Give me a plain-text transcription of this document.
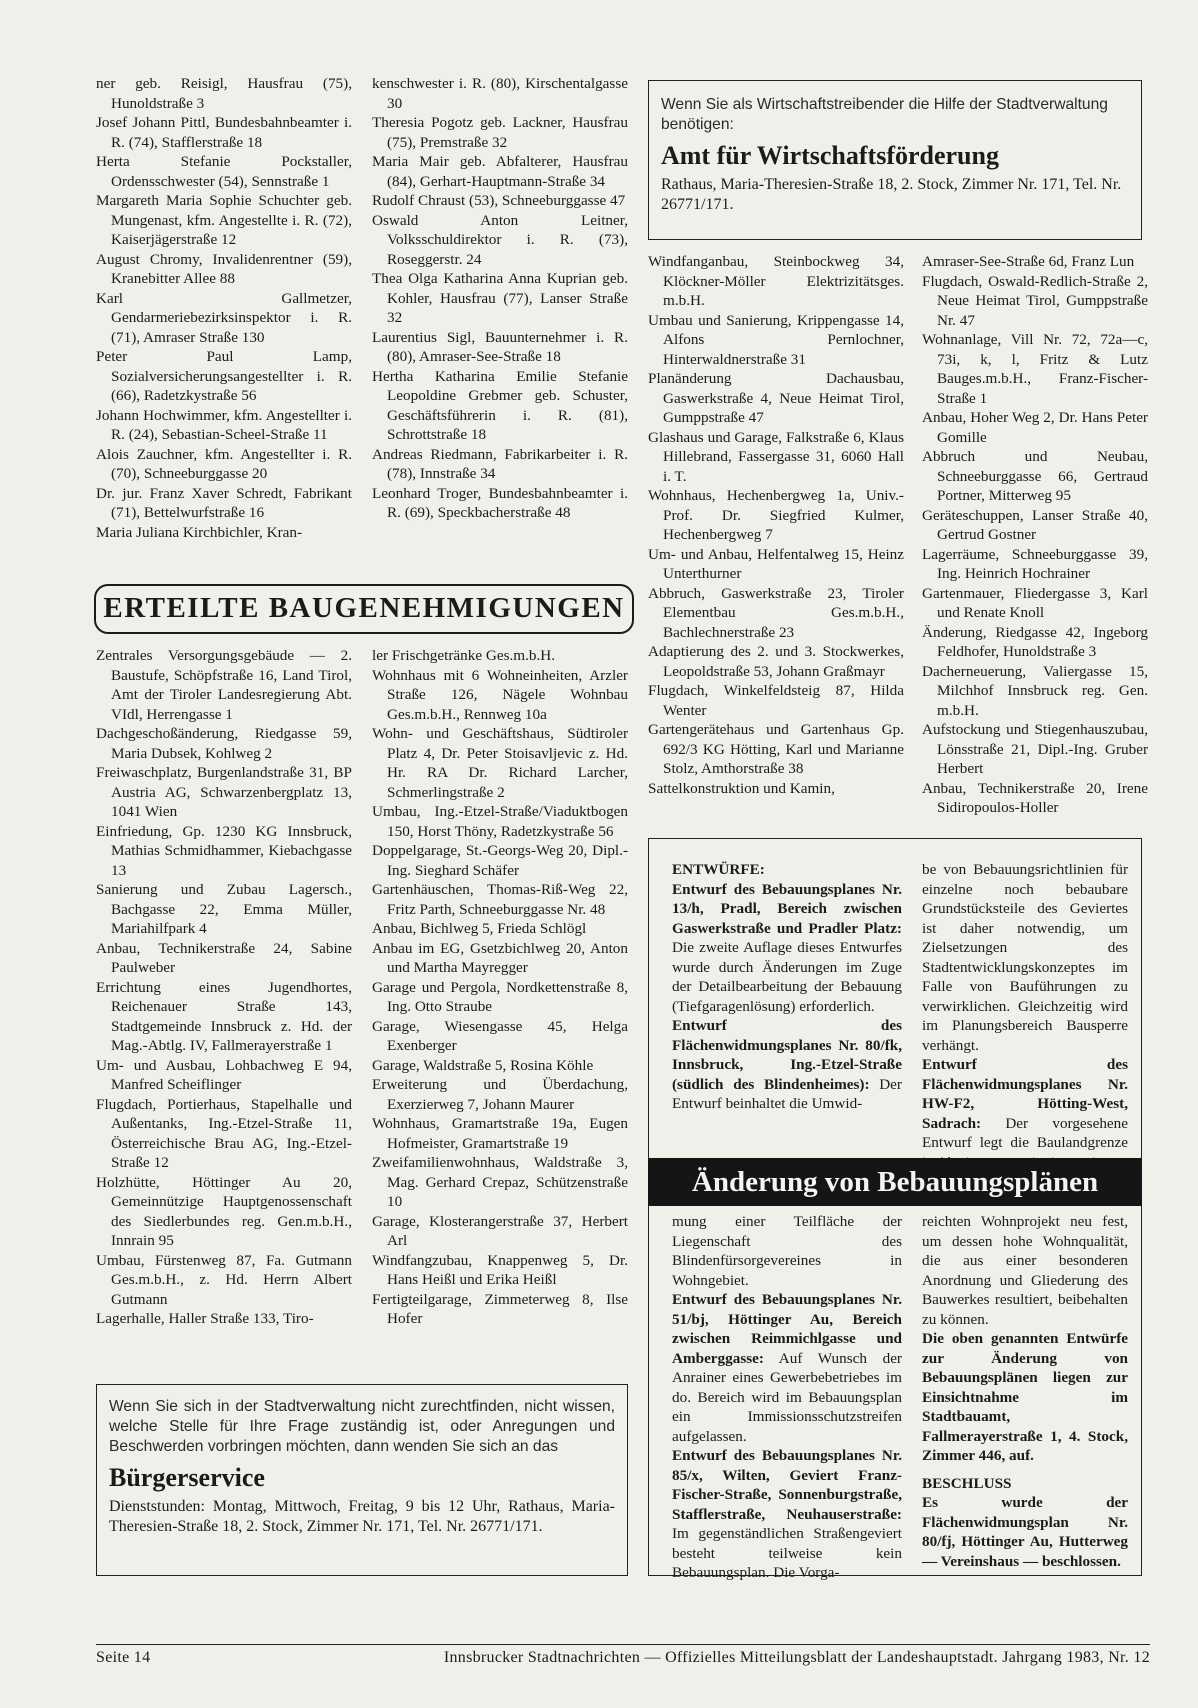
ner geb. Reisigl, Hausfrau (75), Hunoldstraße 3

Josef Johann Pittl, Bundesbahnbeamter i. R. (74), Stafflerstraße 18

Herta Stefanie Pockstaller, Ordensschwester (54), Sennstraße 1

Margareth Maria Sophie Schuchter geb. Mungenast, kfm. Angestellte i. R. (72), Kaiserjägerstraße 12

August Chromy, Invalidenrentner (59), Kranebitter Allee 88

Karl Gallmetzer, Gendarmeriebezirksinspektor i. R. (71), Amraser Straße 130

Peter Paul Lamp, Sozialversicherungsangestellter i. R. (66), Radetzkystraße 56

Johann Hochwimmer, kfm. Angestellter i. R. (24), Sebastian-Scheel-Straße 11

Alois Zauchner, kfm. Angestellter i. R. (70), Schneeburggasse 20

Dr. jur. Franz Xaver Schredt, Fabrikant (71), Bettelwurfstraße 16

Maria Juliana Kirchbichler, Kran-

kenschwester i. R. (80), Kirschentalgasse 30

Theresia Pogotz geb. Lackner, Hausfrau (75), Premstraße 32

Maria Mair geb. Abfalterer, Hausfrau (84), Gerhart-Hauptmann-Straße 34

Rudolf Chraust (53), Schneeburggasse 47

Oswald Anton Leitner, Volksschuldirektor i. R. (73), Roseggerstr. 24

Thea Olga Katharina Anna Kuprian geb. Kohler, Hausfrau (77), Lanser Straße 32

Laurentius Sigl, Bauunternehmer i. R. (80), Amraser-See-Straße 18

Hertha Katharina Emilie Stefanie Leopoldine Grebmer geb. Schuster, Geschäftsführerin i. R. (81), Schrottstraße 18

Andreas Riedmann, Fabrikarbeiter i. R. (78), Innstraße 34

Leonhard Troger, Bundesbahnbeamter i. R. (69), Speckbacherstraße 48

Wenn Sie als Wirtschaftstreibender die Hilfe der Stadtverwaltung benötigen:
Amt für Wirtschaftsförderung
Rathaus, Maria-Theresien-Straße 18, 2. Stock, Zimmer Nr. 171, Tel. Nr. 26771/171.
ERTEILTE BAUGENEHMIGUNGEN

Zentrales Versorgungsgebäude — 2. Baustufe, Schöpfstraße 16, Land Tirol, Amt der Tiroler Landesregierung Abt. VIdl, Herrengasse 1

Dachgeschoßänderung, Riedgasse 59, Maria Dubsek, Kohlweg 2

Freiwaschplatz, Burgenlandstraße 31, BP Austria AG, Schwarzenbergplatz 13, 1041 Wien

Einfriedung, Gp. 1230 KG Innsbruck, Mathias Schmidhammer, Kiebachgasse 13

Sanierung und Zubau Lagersch., Bachgasse 22, Emma Müller, Mariahilfpark 4

Anbau, Technikerstraße 24, Sabine Paulweber

Errichtung eines Jugendhortes, Reichenauer Straße 143, Stadtgemeinde Innsbruck z. Hd. der Mag.-Abtlg. IV, Fallmerayerstraße 1

Um- und Ausbau, Lohbachweg E 94, Manfred Scheiflinger

Flugdach, Portierhaus, Stapelhalle und Außentanks, Ing.-Etzel-Straße 11, Österreichische Brau AG, Ing.-Etzel-Straße 12

Holzhütte, Höttinger Au 20, Gemeinnützige Hauptgenossenschaft des Siedlerbundes reg. Gen.m.b.H., Innrain 95

Umbau, Fürstenweg 87, Fa. Gutmann Ges.m.b.H., z. Hd. Herrn Albert Gutmann

Lagerhalle, Haller Straße 133, Tiro-

ler Frischgetränke Ges.m.b.H.

Wohnhaus mit 6 Wohneinheiten, Arzler Straße 126, Nägele Wohnbau Ges.m.b.H., Rennweg 10a

Wohn- und Geschäftshaus, Südtiroler Platz 4, Dr. Peter Stoisavljevic z. Hd. Hr. RA Dr. Richard Larcher, Schmerlingstraße 2

Umbau, Ing.-Etzel-Straße/Viaduktbogen 150, Horst Thöny, Radetzkystraße 56

Doppelgarage, St.-Georgs-Weg 20, Dipl.-Ing. Sieghard Schäfer

Gartenhäuschen, Thomas-Riß-Weg 22, Fritz Parth, Schneeburggasse Nr. 48

Anbau, Bichlweg 5, Frieda Schlögl

Anbau im EG, Gsetzbichlweg 20, Anton und Martha Mayregger

Garage und Pergola, Nordkettenstraße 8, Ing. Otto Straube

Garage, Wiesengasse 45, Helga Exenberger

Garage, Waldstraße 5, Rosina Köhle

Erweiterung und Überdachung, Exerzierweg 7, Johann Maurer

Wohnhaus, Gramartstraße 19a, Eugen Hofmeister, Gramartstraße 19

Zweifamilienwohnhaus, Waldstraße 3, Mag. Gerhard Crepaz, Schützenstraße 10

Garage, Klosterangerstraße 37, Herbert Arl

Windfangzubau, Knappenweg 5, Dr. Hans Heißl und Erika Heißl

Fertigteilgarage, Zimmeterweg 8, Ilse Hofer

Windfanganbau, Steinbockweg 34, Klöckner-Möller Elektrizitätsges. m.b.H.

Umbau und Sanierung, Krippengasse 14, Alfons Pernlochner, Hinterwaldnerstraße 31

Planänderung Dachausbau, Gaswerkstraße 4, Neue Heimat Tirol, Gumppstraße 47

Glashaus und Garage, Falkstraße 6, Klaus Hillebrand, Fassergasse 31, 6060 Hall i. T.

Wohnhaus, Hechenbergweg 1a, Univ.-Prof. Dr. Siegfried Kulmer, Hechenbergweg 7

Um- und Anbau, Helfentalweg 15, Heinz Unterthurner

Abbruch, Gaswerkstraße 23, Tiroler Elementbau Ges.m.b.H., Bachlechnerstraße 23

Adaptierung des 2. und 3. Stockwerkes, Leopoldstraße 53, Johann Graßmayr

Flugdach, Winkelfeldsteig 87, Hilda Wenter

Gartengerätehaus und Gartenhaus Gp. 692/3 KG Hötting, Karl und Marianne Stolz, Amthorstraße 38

Sattelkonstruktion und Kamin,

Amraser-See-Straße 6d, Franz Lun

Flugdach, Oswald-Redlich-Straße 2, Neue Heimat Tirol, Gumppstraße Nr. 47

Wohnanlage, Vill Nr. 72, 72a—c, 73i, k, l, Fritz & Lutz Bauges.m.b.H., Franz-Fischer-Straße 1

Anbau, Hoher Weg 2, Dr. Hans Peter Gomille

Abbruch und Neubau, Schneeburggasse 66, Gertraud Portner, Mitterweg 95

Geräteschuppen, Lanser Straße 40, Gertrud Gostner

Lagerräume, Schneeburggasse 39, Ing. Heinrich Hochrainer

Gartenmauer, Fliedergasse 3, Karl und Renate Knoll

Änderung, Riedgasse 42, Ingeborg Feldhofer, Hunoldstraße 3

Dacherneuerung, Valiergasse 15, Milchhof Innsbruck reg. Gen. m.b.H.

Aufstockung und Stiegenhauszubau, Lönsstraße 21, Dipl.-Ing. Gruber Herbert

Anbau, Technikerstraße 20, Irene Sidiropoulos-Holler

ENTWÜRFE:

Entwurf des Bebauungsplanes Nr. 13/h, Pradl, Bereich zwischen Gaswerkstraße und Pradler Platz: Die zweite Auflage dieses Entwurfes wurde durch Änderungen im Zuge der Detailbearbeitung der Bebauung (Tiefgaragenlösung) erforderlich.

Entwurf des Flächenwidmungsplanes Nr. 80/fk, Innsbruck, Ing.-Etzel-Straße (südlich des Blindenheimes): Der Entwurf beinhaltet die Umwid-

be von Bebauungsrichtlinien für einzelne noch bebaubare Grundstücksteile des Geviertes ist daher notwendig, um Zielsetzungen des Stadtentwicklungskonzeptes im Falle von Bauführungen zu verwirklichen. Gleichzeitig wird im Planungsbereich Bausperre verhängt.

Entwurf des Flächenwidmungsplanes Nr. HW-F2, Hötting-West, Sadrach: Der vorgesehene Entwurf legt die Baulandgrenze

Änderung von Bebauungsplänen

mung einer Teilfläche der Liegenschaft des Blindenfürsorgevereines in Wohngebiet.

Entwurf des Bebauungsplanes Nr. 51/bj, Höttinger Au, Bereich zwischen Reimmichlgasse und Amberggasse: Auf Wunsch der Anrainer eines Gewerbebetriebes im do. Bereich wird im Bebauungsplan ein Immissionsschutzstreifen aufgelassen.

Entwurf des Bebauungsplanes Nr. 85/x, Wilten, Geviert Franz-Fischer-Straße, Sonnenburgstraße, Stafflerstraße, Neuhauserstraße: Im gegenständlichen Straßengeviert besteht teilweise kein Bebauungsplan. Die Vorga-

reichten Wohnprojekt neu fest, um dessen hohe Wohnqualität, die aus einer besonderen Anordnung und Gliederung des Bauwerkes resultiert, beibehalten zu können.

Die oben genannten Entwürfe zur Änderung von Bebauungsplänen liegen zur Einsichtnahme im Stadtbauamt, Fallmerayerstraße 1, 4. Stock, Zimmer 446, auf.

BESCHLUSS

Es wurde der Flächenwidmungsplan Nr. 80/fj, Höttinger Au, Hutterweg — Vereinshaus — beschlossen.

Wenn Sie sich in der Stadtverwaltung nicht zurechtfinden, nicht wissen, welche Stelle für Ihre Frage zuständig ist, oder Anregungen und Beschwerden vorbringen möchten, dann wenden Sie sich an das
Bürgerservice
Dienststunden: Montag, Mittwoch, Freitag, 9 bis 12 Uhr, Rathaus, Maria-Theresien-Straße 18, 2. Stock, Zimmer Nr. 171, Tel. Nr. 26771/171.
Seite 14	Innsbrucker Stadtnachrichten — Offizielles Mitteilungsblatt der Landeshauptstadt. Jahrgang 1983, Nr. 12
